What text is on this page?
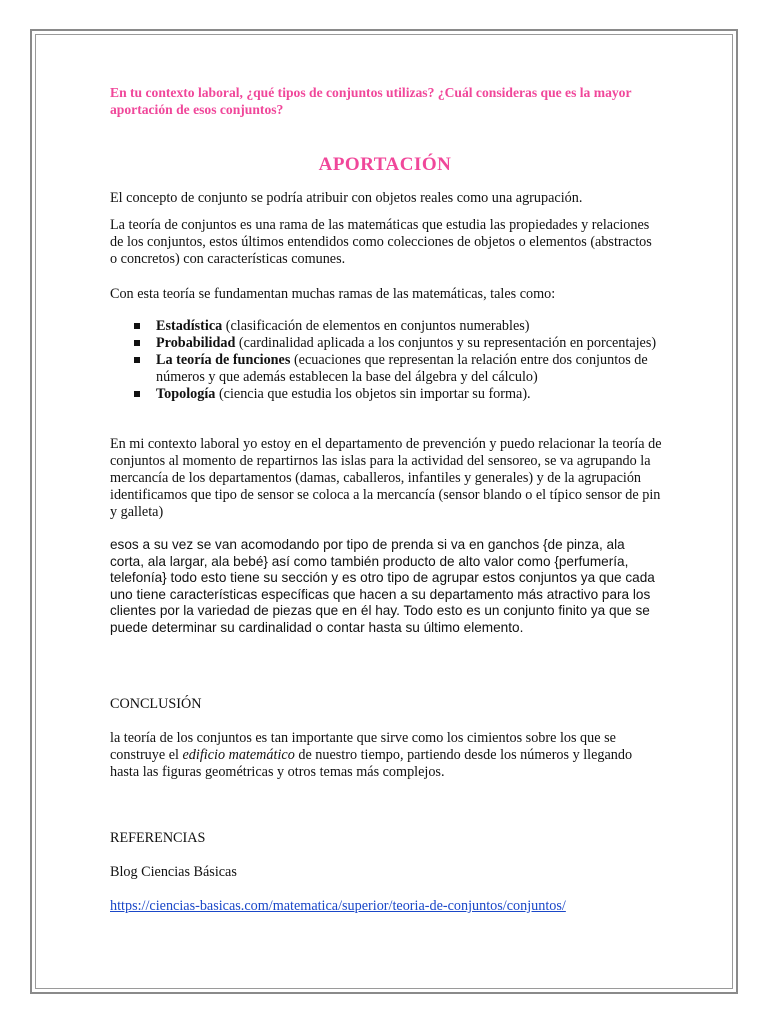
En tu contexto laboral, ¿qué tipos de conjuntos utilizas? ¿Cuál consideras que es la mayor aportación de esos conjuntos?

APORTACIÓN

El concepto de conjunto se podría atribuir con objetos reales como una agrupación.

La teoría de conjuntos es una rama de las matemáticas que estudia las propiedades y relaciones de los conjuntos, estos últimos entendidos como colecciones de objetos o elementos (abstractos o concretos) con características comunes.

Con esta teoría se fundamentan muchas ramas de las matemáticas, tales como:

Estadística (clasificación de elementos en conjuntos numerables)
Probabilidad (cardinalidad aplicada a los conjuntos y su representación en porcentajes)
La teoría de funciones (ecuaciones que representan la relación entre dos conjuntos de números y que además establecen la base del álgebra y del cálculo)
Topología (ciencia que estudia los objetos sin importar su forma).

En mi contexto laboral yo estoy en el departamento de prevención y puedo relacionar la teoría de conjuntos al momento de repartirnos las islas para la actividad del sensoreo, se va agrupando la mercancía de los departamentos (damas, caballeros, infantiles y generales) y de la agrupación identificamos que tipo de sensor se coloca a la mercancía (sensor blando o el típico sensor de pin y galleta)

esos a su vez se van acomodando por tipo de prenda si va en ganchos {de pinza, ala corta, ala largar, ala bebé} así como también producto de alto valor como {perfumería, telefonía} todo esto tiene su sección y es otro tipo de agrupar estos conjuntos ya que cada uno tiene características específicas que hacen a su departamento más atractivo para los clientes por la variedad de piezas que en él hay. Todo esto es un conjunto finito ya que se puede determinar su cardinalidad o contar hasta su último elemento.

CONCLUSIÓN

la teoría de los conjuntos es tan importante que sirve como los cimientos sobre los que se construye el edificio matemático de nuestro tiempo, partiendo desde los números y llegando hasta las figuras geométricas y otros temas más complejos.

REFERENCIAS

Blog Ciencias Básicas

https://ciencias-basicas.com/matematica/superior/teoria-de-conjuntos/conjuntos/
